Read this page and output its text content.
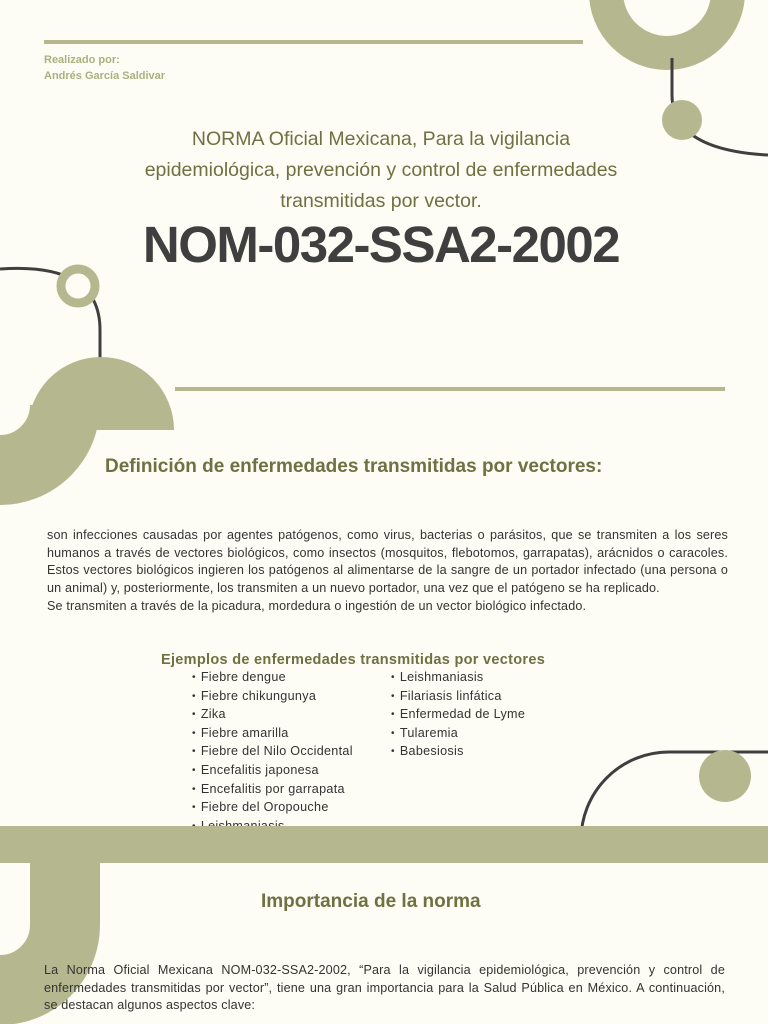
Realizado por:
Andrés García Saldivar
NORMA Oficial Mexicana, Para la vigilancia
epidemiológica, prevención y control de enfermedades
transmitidas por vector.
NOM-032-SSA2-2002
Definición de enfermedades transmitidas por vectores:

son infecciones causadas por agentes patógenos, como virus, bacterias o parásitos, que se transmiten a los seres humanos a través de vectores biológicos, como insectos (mosquitos, flebotomos, garrapatas), arácnidos o caracoles. Estos vectores biológicos ingieren los patógenos al alimentarse de la sangre de un portador infectado (una persona o un animal) y, posteriormente, los transmiten a un nuevo portador, una vez que el patógeno se ha replicado.

Se transmiten a través de la picadura, mordedura o ingestión de un vector biológico infectado.

Ejemplos de enfermedades transmitidas por vectores
• Fiebre dengue
• Fiebre chikungunya
• Zika
• Fiebre amarilla
• Fiebre del Nilo Occidental
• Encefalitis japonesa
• Encefalitis por garrapata
• Fiebre del Oropouche
•
• Leishmaniasis
• Filariasis linfática
• Enfermedad de Lyme
• Tularemia
• Babesiosis
Importancia de la norma
La Norma Oficial Mexicana NOM-032-SSA2-2002, “Para la vigilancia epidemiológica, prevención y control de enfermedades transmitidas por vector”, tiene una gran importancia para la Salud Pública en México. A continuación, se destacan algunos aspectos clave:
